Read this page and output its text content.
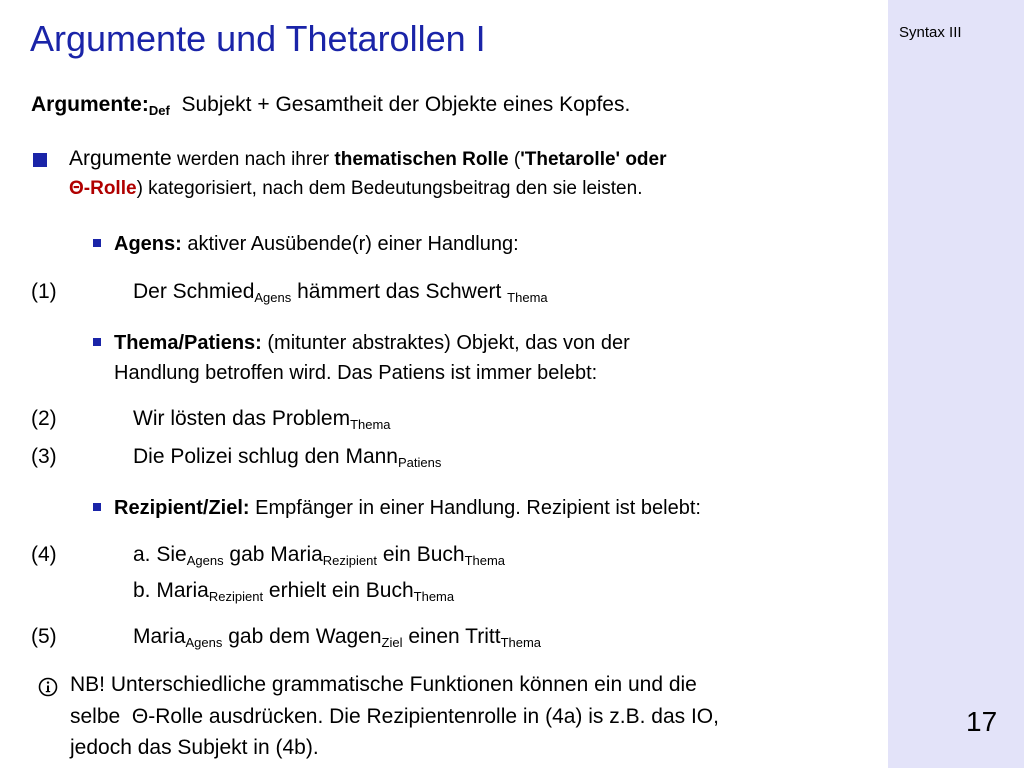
Syntax III
17
Argumente und Thetarollen I
$Argumente:_{Def}$ Subjekt + Gesamtheit der Objekte eines Kopfes.
Argumente werden nach ihrer thematischen Rolle ('Thetarolle' oder
Θ-Rolle) kategorisiert, nach dem Bedeutungsbeitrag den sie leisten.
Agens: aktiver Ausübende(r) einer Handlung:
(1)	Der Schmied$_{Agens}$ hämmert das Schwert $_{Thema}$
Thema/Patiens: (mitunter abstraktes) Objekt, das von der
Handlung betroffen wird. Das Patiens ist immer belebt:
(2)	Wir lösten das Problem$_{Thema}$
(3)	Die Polizei schlug den Mann$_{Patiens}$
Rezipient/Ziel: Empfänger in einer Handlung. Rezipient ist belebt:
(4)	a. Sie$_{Agens}$ gab Maria$_{Rezipient}$ ein Buch$_{Thema}$
b. Maria$_{Rezipient}$ erhielt ein Buch$_{Thema}$
(5)	Maria$_{Agens}$ gab dem Wagen$_{Ziel}$ einen Tritt$_{Thema}$
NB! Unterschiedliche grammatische Funktionen können ein und die
selbe  Θ-Rolle ausdrücken. Die Rezipientenrolle in (4a) is z.B. das IO,
jedoch das Subjekt in (4b).
